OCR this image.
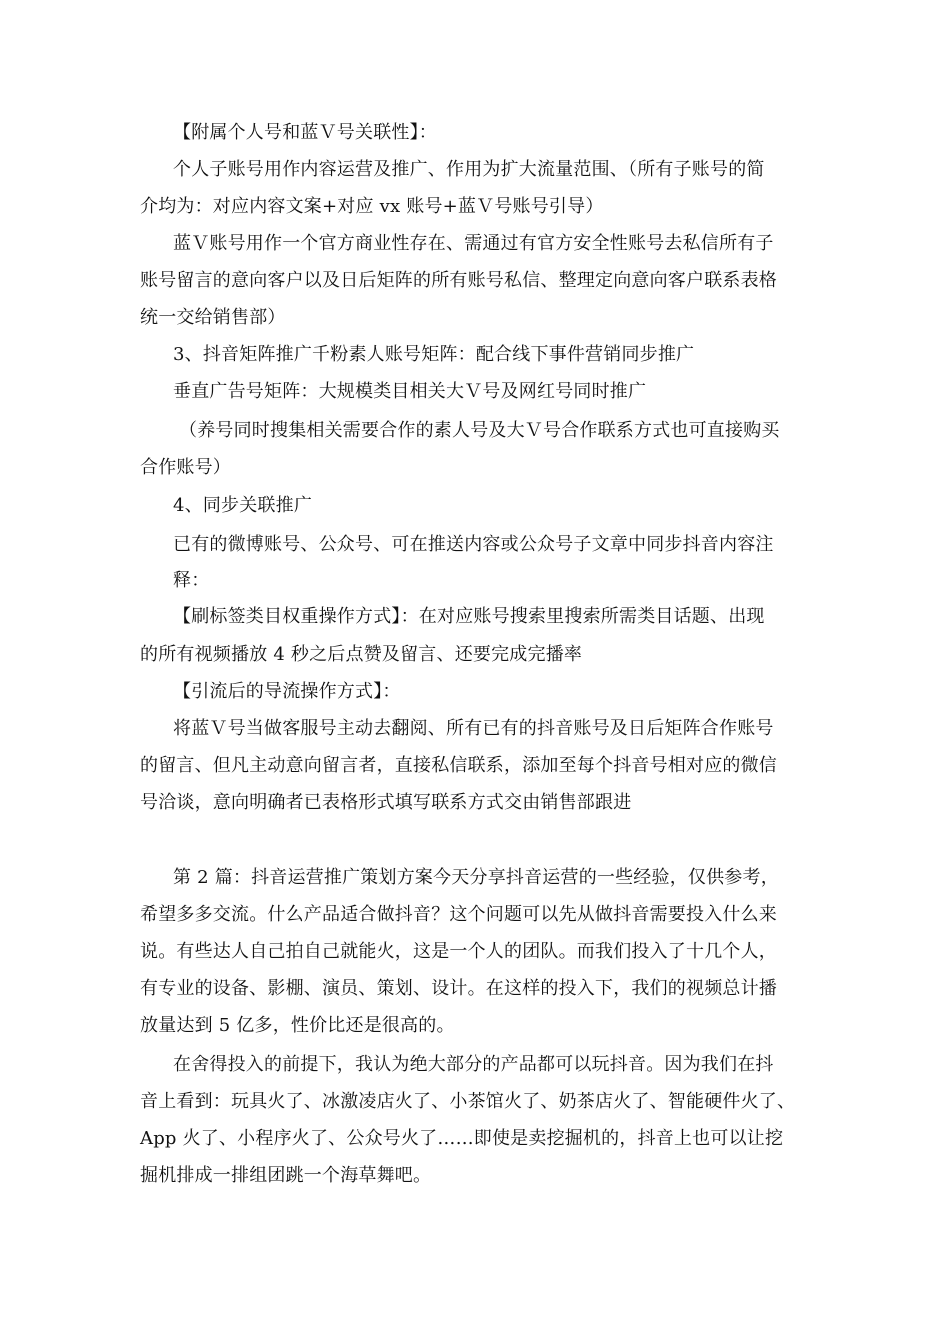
【附属个人号和蓝Ｖ号关联性】：
个人子账号用作内容运营及推广、作用为扩大流量范围、（所有子账号的简
介均为：对应内容文案+对应 vx 账号+蓝Ｖ号账号引导）
蓝Ｖ账号用作一个官方商业性存在、需通过有官方安全性账号去私信所有子
账号留言的意向客户以及日后矩阵的所有账号私信、整理定向意向客户联系表格
统一交给销售部）
3、抖音矩阵推广千粉素人账号矩阵：配合线下事件营销同步推广
垂直广告号矩阵：大规模类目相关大Ｖ号及网红号同时推广
（养号同时搜集相关需要合作的素人号及大Ｖ号合作联系方式也可直接购买
合作账号）
4、同步关联推广
已有的微博账号、公众号、可在推送内容或公众号子文章中同步抖音内容注
释：
【刷标签类目权重操作方式】：在对应账号搜索里搜索所需类目话题、出现
的所有视频播放 4 秒之后点赞及留言、还要完成完播率
【引流后的导流操作方式】：
将蓝Ｖ号当做客服号主动去翻阅、所有已有的抖音账号及日后矩阵合作账号
的留言、但凡主动意向留言者，直接私信联系，添加至每个抖音号相对应的微信
号洽谈，意向明确者已表格形式填写联系方式交由销售部跟进
第 2 篇：抖音运营推广策划方案今天分享抖音运营的一些经验，仅供参考，
希望多多交流。什么产品适合做抖音？这个问题可以先从做抖音需要投入什么来
说。有些达人自己拍自己就能火，这是一个人的团队。而我们投入了十几个人，
有专业的设备、影棚、演员、策划、设计。在这样的投入下，我们的视频总计播
放量达到 5 亿多，性价比还是很高的。
在舍得投入的前提下，我认为绝大部分的产品都可以玩抖音。因为我们在抖
音上看到：玩具火了、冰激凌店火了、小茶馆火了、奶茶店火了、智能硬件火了、
App 火了、小程序火了、公众号火了……即使是卖挖掘机的，抖音上也可以让挖
掘机排成一排组团跳一个海草舞吧。
